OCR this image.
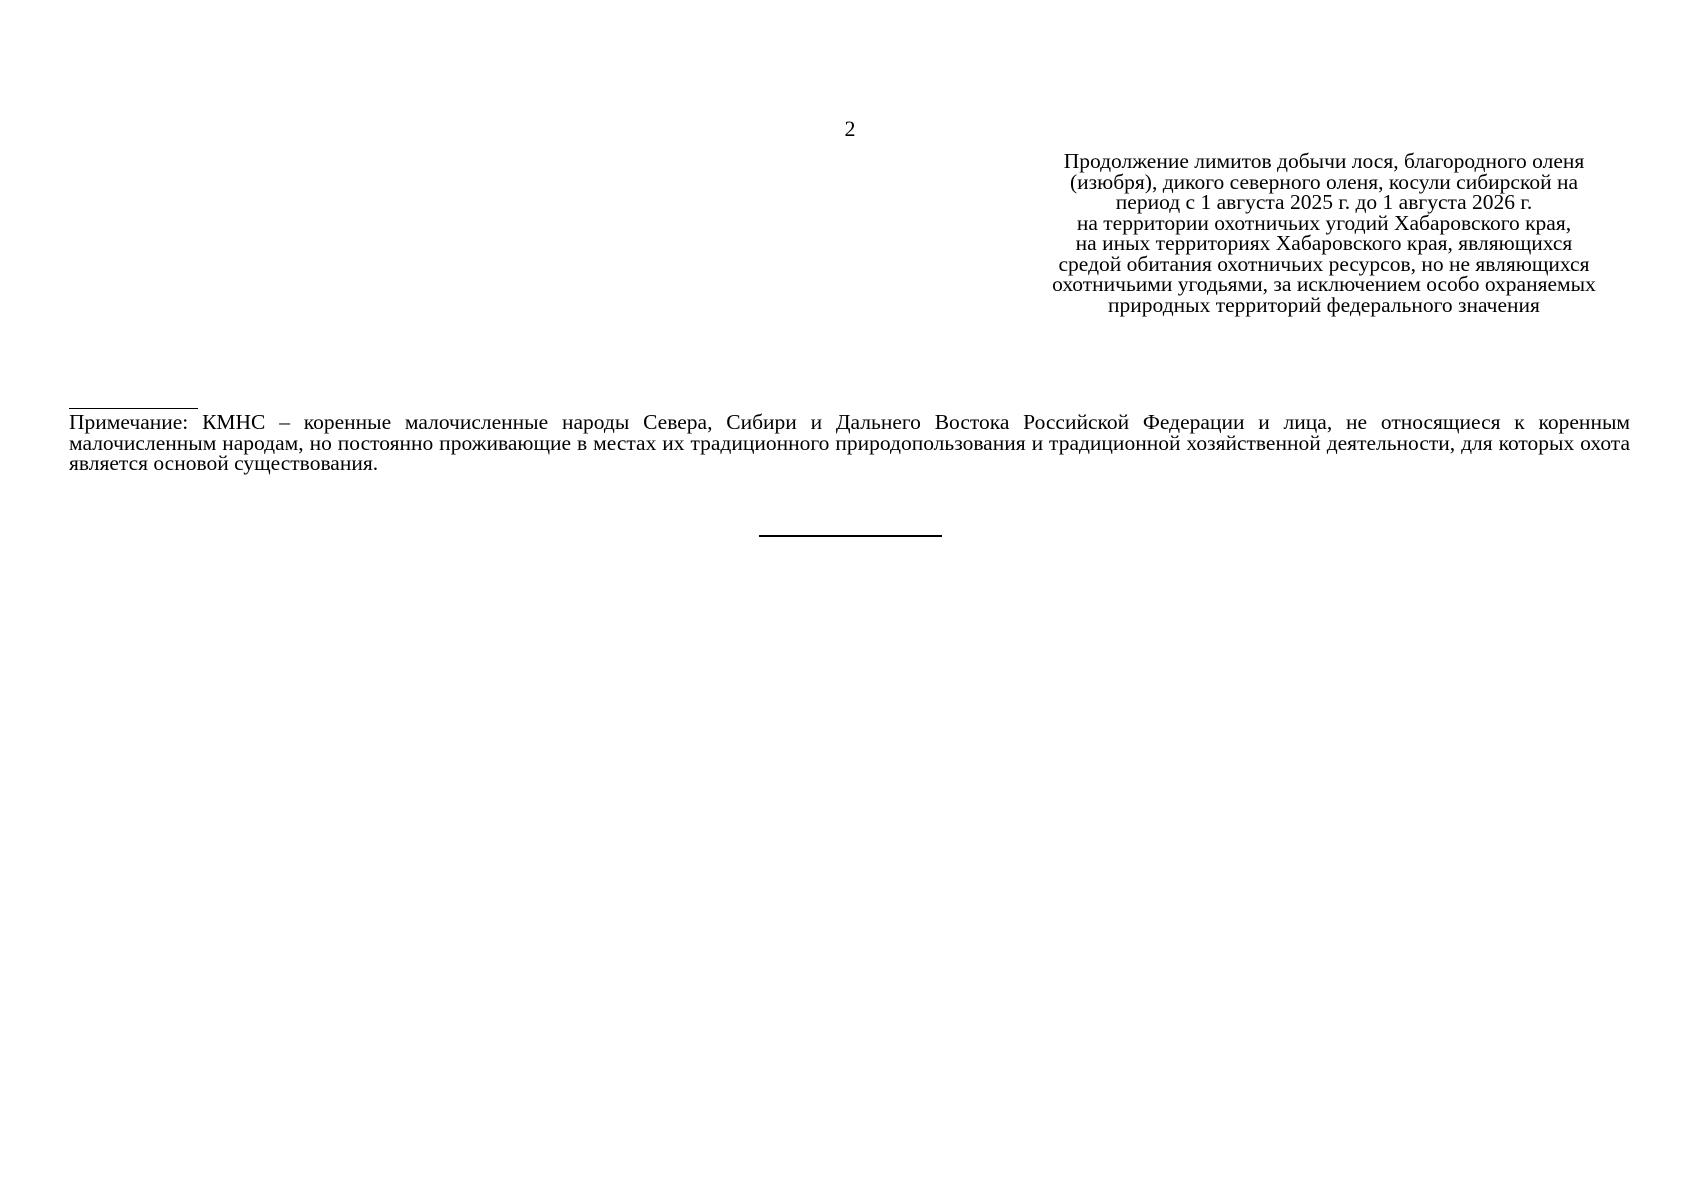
2
Продолжение лимитов добычи лося, благородного оленя
(изюбря), дикого северного оленя, косули сибирской на
период с 1 августа 2025 г. до 1 августа 2026 г.
на территории охотничьих угодий Хабаровского края,
на иных территориях Хабаровского края, являющихся
средой обитания охотничьих ресурсов, но не являющихся
охотничьими угодьями, за исключением особо охраняемых
природных территорий федерального значения
Примечание: КМНС – коренные малочисленные народы Севера, Сибири и Дальнего Востока Российской Федерации и лица, не относящиеся к коренным малочисленным народам, но постоянно проживающие в местах их традиционного природопользования и традиционной хозяйственной деятельности, для которых охота является основой существования.
